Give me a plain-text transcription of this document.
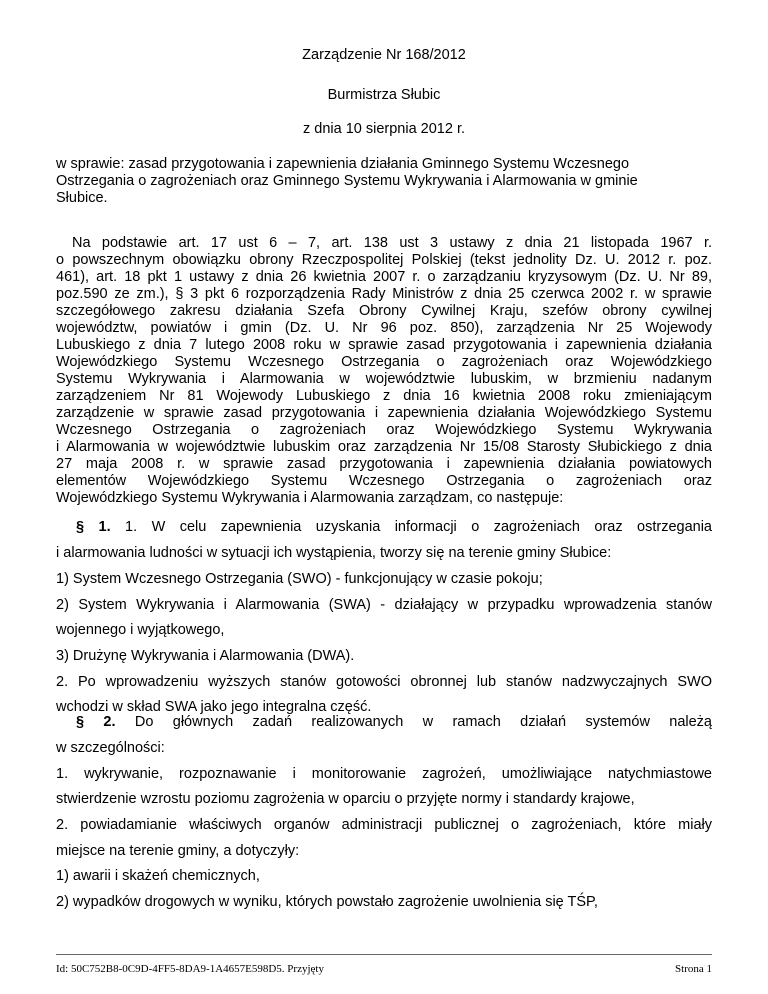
Zarządzenie Nr 168/2012
Burmistrza Słubic
z dnia 10 sierpnia 2012 r.
w sprawie: zasad przygotowania i zapewnienia działania Gminnego Systemu Wczesnego
Ostrzegania o zagrożeniach oraz Gminnego Systemu Wykrywania i Alarmowania w gminie
Słubice.
Na podstawie art. 17 ust 6 – 7, art. 138 ust 3 ustawy z dnia 21 listopada 1967 r.
o powszechnym obowiązku obrony Rzeczpospolitej Polskiej (tekst jednolity Dz. U. 2012 r. poz.
461), art. 18 pkt 1 ustawy z dnia 26 kwietnia 2007 r. o zarządzaniu kryzysowym (Dz. U. Nr 89,
poz.590 ze zm.), § 3 pkt 6 rozporządzenia Rady Ministrów z dnia 25 czerwca 2002 r. w sprawie
szczegółowego zakresu działania Szefa Obrony Cywilnej Kraju, szefów obrony cywilnej
województw, powiatów i gmin (Dz. U. Nr 96 poz. 850), zarządzenia Nr 25 Wojewody
Lubuskiego z dnia 7 lutego 2008 roku w sprawie zasad przygotowania i zapewnienia działania
Wojewódzkiego Systemu Wczesnego Ostrzegania o zagrożeniach oraz Wojewódzkiego
Systemu Wykrywania i Alarmowania w województwie lubuskim, w brzmieniu nadanym
zarządzeniem Nr 81 Wojewody Lubuskiego z dnia 16 kwietnia 2008 roku zmieniającym
zarządzenie w sprawie zasad przygotowania i zapewnienia działania Wojewódzkiego Systemu
Wczesnego Ostrzegania o zagrożeniach oraz Wojewódzkiego Systemu Wykrywania
i Alarmowania w województwie lubuskim oraz zarządzenia Nr 15/08 Starosty Słubickiego z dnia
27 maja 2008 r. w sprawie zasad przygotowania i zapewnienia działania powiatowych
elementów Wojewódzkiego Systemu Wczesnego Ostrzegania o zagrożeniach oraz
Wojewódzkiego Systemu Wykrywania i Alarmowania zarządzam, co następuje:
§ 1. 1. W celu zapewnienia uzyskania informacji o zagrożeniach oraz ostrzegania
i alarmowania ludności w sytuacji ich wystąpienia, tworzy się na terenie gminy Słubice:
1) System Wczesnego Ostrzegania (SWO) - funkcjonujący w czasie pokoju;
2) System Wykrywania i Alarmowania (SWA) - działający w przypadku wprowadzenia stanów
wojennego i wyjątkowego,
3) Drużynę Wykrywania i Alarmowania (DWA).
2. Po wprowadzeniu wyższych stanów gotowości obronnej lub stanów nadzwyczajnych SWO
wchodzi w skład SWA jako jego integralna część.
§ 2. Do głównych zadań realizowanych w ramach działań systemów należą
w szczególności:
1. wykrywanie, rozpoznawanie i monitorowanie zagrożeń, umożliwiające natychmiastowe
stwierdzenie wzrostu poziomu zagrożenia w oparciu o przyjęte normy i standardy krajowe,
2. powiadamianie właściwych organów administracji publicznej o zagrożeniach, które miały
miejsce na terenie gminy, a dotyczyły:
1) awarii i skażeń chemicznych,
2) wypadków drogowych w wyniku, których powstało zagrożenie uwolnienia się TŚP,
Id: 50C752B8-0C9D-4FF5-8DA9-1A4657E598D5. Przyjęty	Strona 1
